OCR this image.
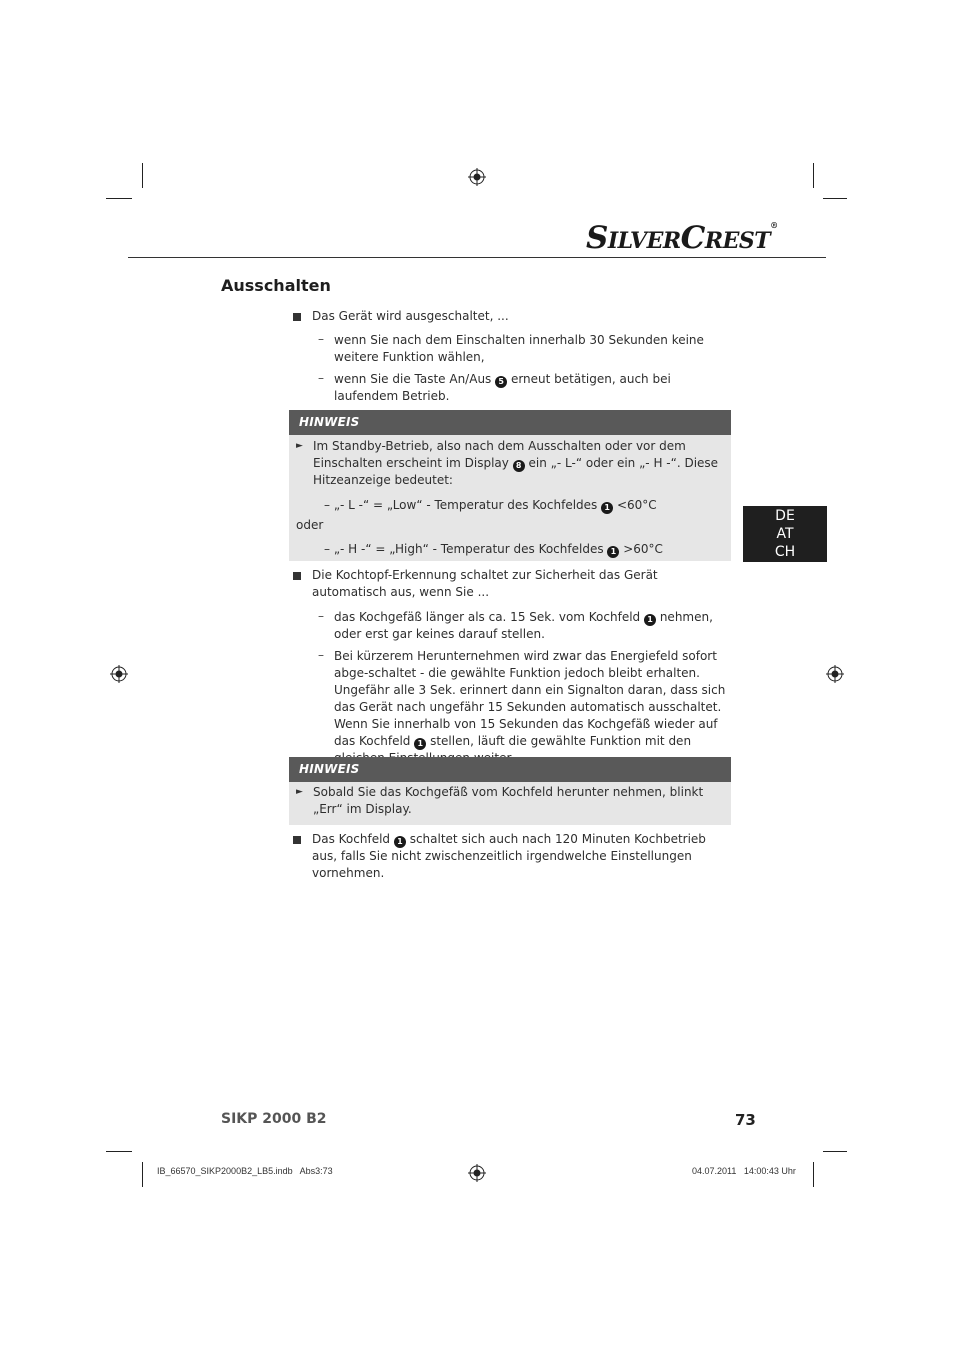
SILVERCREST®
Ausschalten
Das Gerät wird ausgeschaltet, ...
– wenn Sie nach dem Einschalten innerhalb 30 Sekunden keine weitere Funktion wählen,
– wenn Sie die Taste An/Aus 5 erneut betätigen, auch bei laufendem Betrieb.
HINWEIS
► Im Standby-Betrieb, also nach dem Ausschalten oder vor dem Einschalten erscheint im Display 8 ein „- L-“ oder ein „- H -“. Diese Hitzeanzeige bedeutet:
– „- L -“ = „Low“ - Temperatur des Kochfeldes 1 <60°C
oder
– „- H -“ = „High“ - Temperatur des Kochfeldes 1 >60°C
DE
AT
CH
Die Kochtopf-Erkennung schaltet zur Sicherheit das Gerät automatisch aus, wenn Sie ...
– das Kochgefäß länger als ca. 15 Sek. vom Kochfeld 1 nehmen, oder erst gar keines darauf stellen.
– Bei kürzerem Herunternehmen wird zwar das Energiefeld sofort abge-schaltet - die gewählte Funktion jedoch bleibt erhalten. Ungefähr alle 3 Sek. erinnert dann ein Signalton daran, dass sich das Gerät nach ungefähr 15 Sekunden automatisch ausschaltet. Wenn Sie innerhalb von 15 Sekunden das Kochgefäß wieder auf das Kochfeld 1 stellen, läuft die gewählte Funktion mit den
HINWEIS
► Sobald Sie das Kochgefäß vom Kochfeld herunter nehmen, blinkt „Err“ im Display.
Das Kochfeld 1 schaltet sich auch nach 120 Minuten Kochbetrieb aus, falls Sie nicht zwischenzeitlich irgendwelche Einstellungen vornehmen.
SIKP 2000 B2	73
IB_66570_SIKP2000B2_LB5.indb   Abs3:73	04.07.2011   14:00:43 Uhr
